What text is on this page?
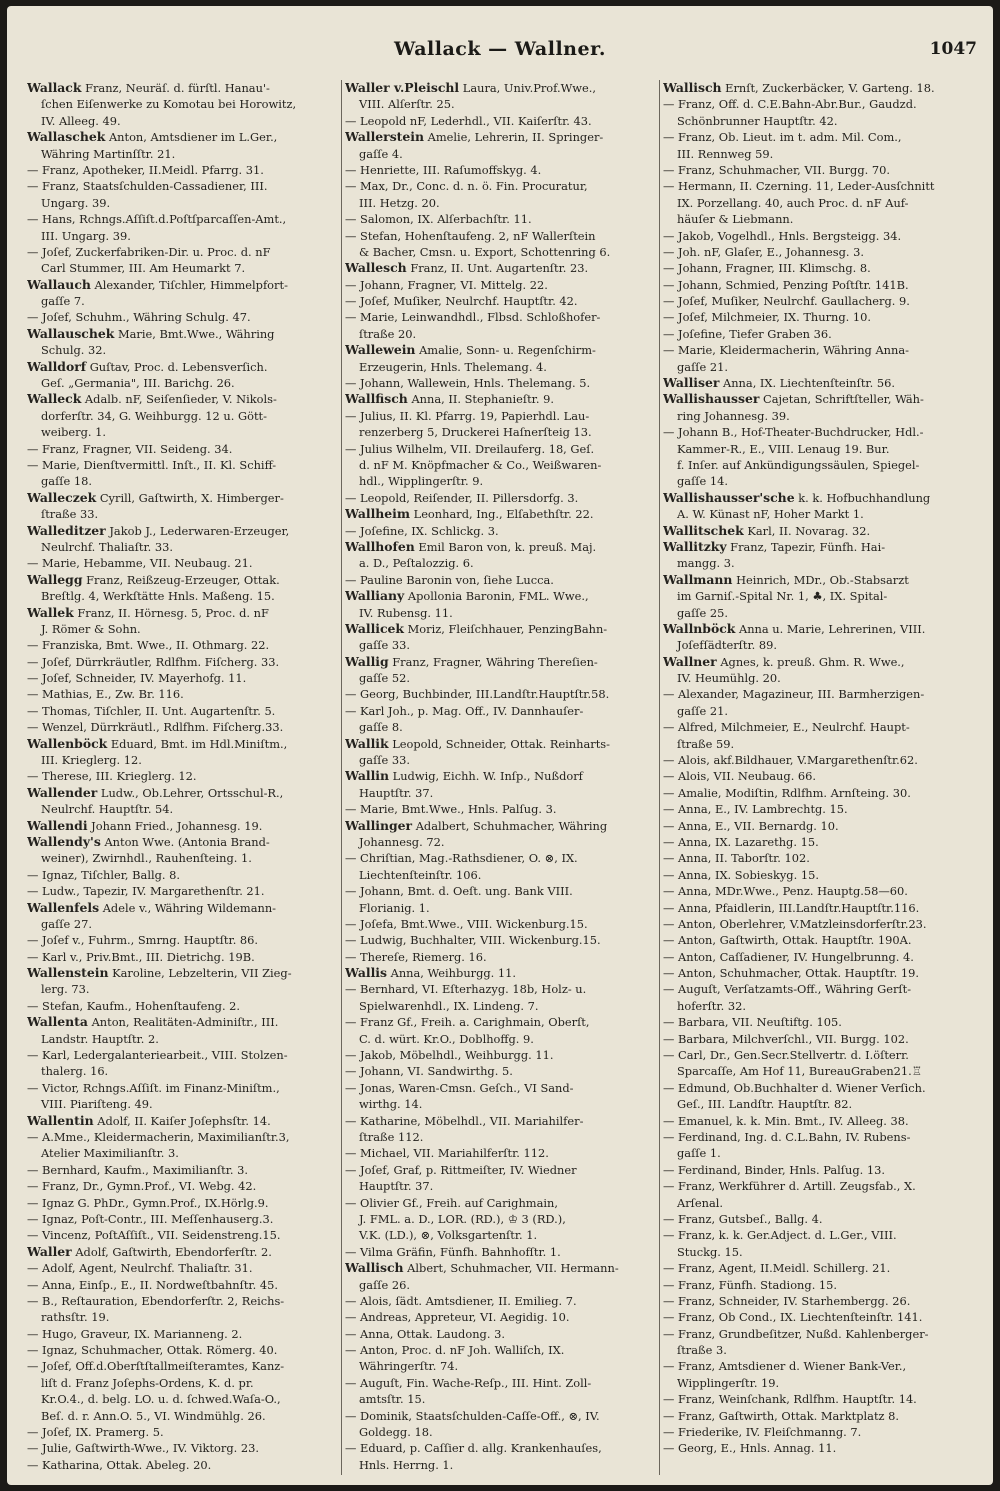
Wallack — Wallner.	1047
Wallack Franz, Neuräſ. d. fürſtl. Hanau'-
ſchen Eiſenwerke zu Komotau bei Horowitz,
IV. Alleeg. 49.
Wallaschek Anton, Amtsdiener im L.Ger.,
Währing Martinſſtr. 21.
— Franz, Apotheker, II.Meidl. Pfarrg. 31.
— Franz, Staatsſchulden-Cassadiener, III.
Ungarg. 39.
— Hans, Rchngs.Aſſiſt.d.Poſtſparcaſſen-Amt.,
III. Ungarg. 39.
— Joſef, Zuckerfabriken-Dir. u. Proc. d. nF
Carl Stummer, III. Am Heumarkt 7.
Wallauch Alexander, Tiſchler, Himmelpfort-
gaſſe 7.
— Joſef, Schuhm., Währing Schulg. 47.
Wallauschek Marie, Bmt.Wwe., Währing
Schulg. 32.
Walldorf Guſtav, Proc. d. Lebensverſich.
Geſ. „Germania", III. Barichg. 26.
Walleck Adalb. nF, Seiſenſieder, V. Nikols-
dorferſtr. 34, G. Weihburgg. 12 u. Gött-
weiberg. 1.
— Franz, Fragner, VII. Seideng. 34.
— Marie, Dienſtvermittl. Inſt., II. Kl. Schiff-
gaſſe 18.
Walleczek Cyrill, Gaſtwirth, X. Himberger-
ſtraße 33.
Walleditzer Jakob J., Lederwaren-Erzeuger,
Neulrchf. Thaliaſtr. 33.
— Marie, Hebamme, VII. Neubaug. 21.
Wallegg Franz, Reißzeug-Erzeuger, Ottak.
Breſtlg. 4, Werkſtätte Hnls. Maßeng. 15.
Wallek Franz, II. Hörnesg. 5, Proc. d. nF
J. Römer & Sohn.
— Franziska, Bmt. Wwe., II. Othmarg. 22.
— Joſef, Dürrkräutler, Rdlfhm. Fiſcherg. 33.
— Joſef, Schneider, IV. Mayerhofg. 11.
— Mathias, E., Zw. Br. 116.
— Thomas, Tiſchler, II. Unt. Augartenſtr. 5.
— Wenzel, Dürrkräutl., Rdlfhm. Fiſcherg.33.
Wallenböck Eduard, Bmt. im Hdl.Miniſtm.,
III. Krieglerg. 12.
— Therese, III. Krieglerg. 12.
Wallender Ludw., Ob.Lehrer, Ortsschul-R.,
Neulrchf. Hauptſtr. 54.
Wallendi Johann Fried., Johannesg. 19.
Wallendy's Anton Wwe. (Antonia Brand-
weiner), Zwirnhdl., Rauhenſteing. 1.
— Ignaz, Tiſchler, Ballg. 8.
— Ludw., Tapezir, IV. Margarethenſtr. 21.
Wallenfels Adele v., Währing Wildemann-
gaſſe 27.
— Joſef v., Fuhrm., Smrng. Hauptſtr. 86.
— Karl v., Priv.Bmt., III. Dietrichg. 19B.
Wallenstein Karoline, Lebzelterin, VII Zieg-
lerg. 73.
— Stefan, Kaufm., Hohenſtaufeng. 2.
Wallenta Anton, Realitäten-Adminiſtr., III.
Landstr. Hauptſtr. 2.
— Karl, Ledergalanteriearbeit., VIII. Stolzen-
thalerg. 16.
— Victor, Rchngs.Aſſiſt. im Finanz-Miniſtm.,
VIII. Piariſteng. 49.
Wallentin Adolf, II. Kaiſer Joſephsſtr. 14.
— A.Mme., Kleidermacherin, Maximilianſtr.3,
Atelier Maximilianſtr. 3.
— Bernhard, Kaufm., Maximilianſtr. 3.
— Franz, Dr., Gymn.Prof., VI. Webg. 42.
— Ignaz G. PhDr., Gymn.Prof., IX.Hörlg.9.
— Ignaz, Poſt-Contr., III. Meſſenhauserg.3.
— Vincenz, PoſtAſſiſt., VII. Seidenstreng.15.
Waller Adolf, Gaſtwirth, Ebendorferſtr. 2.
— Adolf, Agent, Neulrchf. Thaliaſtr. 31.
— Anna, Einſp., E., II. Nordweſtbahnſtr. 45.
— B., Reſtauration, Ebendorferſtr. 2, Reichs-
rathsſtr. 19.
— Hugo, Graveur, IX. Marianneng. 2.
— Ignaz, Schuhmacher, Ottak. Römerg. 40.
— Joſef, Off.d.Oberſtſtallmeiſteramtes, Kanz-
liſt d. Franz Joſephs-Ordens, K. d. pr.
Kr.O.4., d. belg. LO. u. d. ſchwed.Waſa-O.,
Beſ. d. r. Ann.O. 5., VI. Windmühlg. 26.
— Joſef, IX. Pramerg. 5.
— Julie, Gaſtwirth-Wwe., IV. Viktorg. 23.
— Katharina, Ottak. Abeleg. 20.
Waller v.Pleischl Laura, Univ.Prof.Wwe.,
VIII. Alſerſtr. 25.
— Leopold nF, Lederhdl., VII. Kaiſerſtr. 43.
Wallerstein Amelie, Lehrerin, II. Springer-
gaſſe 4.
— Henriette, III. Raſumoffskyg. 4.
— Max, Dr., Conc. d. n. ö. Fin. Procuratur,
III. Hetzg. 20.
— Salomon, IX. Alſerbachſtr. 11.
— Stefan, Hohenſtaufeng. 2, nF Wallerſtein
& Bacher, Cmsn. u. Export, Schottenring 6.
Wallesch Franz, II. Unt. Augartenſtr. 23.
— Johann, Fragner, VI. Mittelg. 22.
— Joſef, Muſiker, Neulrchf. Hauptſtr. 42.
— Marie, Leinwandhdl., Flbsd. Schloßhofer-
ſtraße 20.
Wallewein Amalie, Sonn- u. Regenſchirm-
Erzeugerin, Hnls. Thelemang. 4.
— Johann, Wallewein, Hnls. Thelemang. 5.
Wallfisch Anna, II. Stephanieſtr. 9.
— Julius, II. Kl. Pfarrg. 19, Papierhdl. Lau-
renzerberg 5, Druckerei Haſnerſteig 13.
— Julius Wilhelm, VII. Dreilauferg. 18, Geſ.
d. nF M. Knöpfmacher & Co., Weißwaren-
hdl., Wipplingerſtr. 9.
— Leopold, Reiſender, II. Pillersdorfg. 3.
Wallheim Leonhard, Ing., Elſabethſtr. 22.
— Joſefine, IX. Schlickg. 3.
Wallhofen Emil Baron von, k. preuß. Maj.
a. D., Peſtalozzig. 6.
— Pauline Baronin von, ſiehe Lucca.
Walliany Apollonia Baronin, FML. Wwe.,
IV. Rubensg. 11.
Wallicek Moriz, Fleiſchhauer, PenzingBahn-
gaſſe 33.
Wallig Franz, Fragner, Währing Thereſien-
gaſſe 52.
— Georg, Buchbinder, III.Landſtr.Hauptſtr.58.
— Karl Joh., p. Mag. Off., IV. Dannhauſer-
gaſſe 8.
Wallik Leopold, Schneider, Ottak. Reinharts-
gaſſe 33.
Wallin Ludwig, Eichh. W. Inſp., Nußdorf
Hauptſtr. 37.
— Marie, Bmt.Wwe., Hnls. Palſug. 3.
Wallinger Adalbert, Schuhmacher, Währing
Johannesg. 72.
— Chriſtian, Mag.-Rathsdiener, O. ⊗, IX.
Liechtenſteinſtr. 106.
— Johann, Bmt. d. Oeſt. ung. Bank VIII.
Florianig. 1.
— Joſefa, Bmt.Wwe., VIII. Wickenburg.15.
— Ludwig, Buchhalter, VIII. Wickenburg.15.
— Thereſe, Riemerg. 16.
Wallis Anna, Weihburgg. 11.
— Bernhard, VI. Eſterhazyg. 18b, Holz- u.
Spielwarenhdl., IX. Lindeng. 7.
— Franz Gf., Freih. a. Carighmain, Oberſt,
C. d. würt. Kr.O., Doblhoffg. 9.
— Jakob, Möbelhdl., Weihburgg. 11.
— Johann, VI. Sandwirthg. 5.
— Jonas, Waren-Cmsn. Geſch., VI Sand-
wirthg. 14.
— Katharine, Möbelhdl., VII. Mariahilfer-
ſtraße 112.
— Michael, VII. Mariahilferſtr. 112.
— Joſef, Graf, p. Rittmeiſter, IV. Wiedner
Hauptſtr. 37.
— Olivier Gf., Freih. auf Carighmain,
J. FML. a. D., LOR. (RD.), ♔ 3 (RD.),
V.K. (LD.), ⊗, Volksgartenſtr. 1.
— Vilma Gräfin, Fünfh. Bahnhofſtr. 1.
Wallisch Albert, Schuhmacher, VII. Hermann-
gaſſe 26.
— Alois, ſädt. Amtsdiener, II. Emilieg. 7.
— Andreas, Appreteur, VI. Aegidig. 10.
— Anna, Ottak. Laudong. 3.
— Anton, Proc. d. nF Joh. Walliſch, IX.
Währingerſtr. 74.
— Auguſt, Fin. Wache-Reſp., III. Hint. Zoll-
amtsſtr. 15.
— Dominik, Staatsſchulden-Caſſe-Off., ⊗, IV.
Goldegg. 18.
— Eduard, p. Caſſier d. allg. Krankenhauſes,
Hnls. Herrng. 1.
Wallisch Ernſt, Zuckerbäcker, V. Garteng. 18.
— Franz, Off. d. C.E.Bahn-Abr.Bur., Gaudzd.
Schönbrunner Hauptſtr. 42.
— Franz, Ob. Lieut. im t. adm. Mil. Com.,
III. Rennweg 59.
— Franz, Schuhmacher, VII. Burgg. 70.
— Hermann, II. Czerning. 11, Leder-Ausſchnitt
IX. Porzellang. 40, auch Proc. d. nF Auf-
häuſer & Liebmann.
— Jakob, Vogelhdl., Hnls. Bergsteigg. 34.
— Joh. nF, Glaſer, E., Johannesg. 3.
— Johann, Fragner, III. Klimschg. 8.
— Johann, Schmied, Penzing Poſtſtr. 141B.
— Joſef, Muſiker, Neulrchf. Gaullacherg. 9.
— Joſef, Milchmeier, IX. Thurng. 10.
— Joſefine, Tiefer Graben 36.
— Marie, Kleidermacherin, Währing Anna-
gaſſe 21.
Walliser Anna, IX. Liechtenſteinſtr. 56.
Wallishausser Cajetan, Schriftſteller, Wäh-
ring Johannesg. 39.
— Johann B., Hof-Theater-Buchdrucker, Hdl.-
Kammer-R., E., VIII. Lenaug 19. Bur.
f. Inſer. auf Ankündigungssäulen, Spiegel-
gaſſe 14.
Wallishausser'sche k. k. Hofbuchhandlung
A. W. Künast nF, Hoher Markt 1.
Wallitschek Karl, II. Novarag. 32.
Wallitzky Franz, Tapezir, Fünfh. Hai-
mangg. 3.
Wallmann Heinrich, MDr., Ob.-Stabsarzt
im Garniſ.-Spital Nr. 1, ♣, IX. Spital-
gaſſe 25.
Wallnböck Anna u. Marie, Lehrerinen, VIII.
Joſefſädterſtr. 89.
Wallner Agnes, k. preuß. Ghm. R. Wwe.,
IV. Heumühlg. 20.
— Alexander, Magazineur, III. Barmherzigen-
gaſſe 21.
— Alfred, Milchmeier, E., Neulrchf. Haupt-
ſtraße 59.
— Alois, akf.Bildhauer, V.Margarethenſtr.62.
— Alois, VII. Neubaug. 66.
— Amalie, Modiſtin, Rdlfhm. Arnſteing. 30.
— Anna, E., IV. Lambrechtg. 15.
— Anna, E., VII. Bernardg. 10.
— Anna, IX. Lazarethg. 15.
— Anna, II. Taborſtr. 102.
— Anna, IX. Sobieskyg. 15.
— Anna, MDr.Wwe., Penz. Hauptg.58—60.
— Anna, Pfaidlerin, III.Landſtr.Hauptſtr.116.
— Anton, Oberlehrer, V.Matzleinsdorferſtr.23.
— Anton, Gaſtwirth, Ottak. Hauptſtr. 190A.
— Anton, Caſſadiener, IV. Hungelbrunng. 4.
— Anton, Schuhmacher, Ottak. Hauptſtr. 19.
— Auguſt, Verſatzamts-Off., Währing Gerſt-
hoferſtr. 32.
— Barbara, VII. Neuſtiftg. 105.
— Barbara, Milchverſchl., VII. Burgg. 102.
— Carl, Dr., Gen.Secr.Stellvertr. d. I.öſterr.
Sparcaſſe, Am Hof 11, BureauGraben21.♖
— Edmund, Ob.Buchhalter d. Wiener Verſich.
Geſ., III. Landſtr. Hauptſtr. 82.
— Emanuel, k. k. Min. Bmt., IV. Alleeg. 38.
— Ferdinand, Ing. d. C.L.Bahn, IV. Rubens-
gaſſe 1.
— Ferdinand, Binder, Hnls. Palſug. 13.
— Franz, Werkführer d. Artill. Zeugsfab., X.
Arſenal.
— Franz, Gutsbeſ., Ballg. 4.
— Franz, k. k. Ger.Adject. d. L.Ger., VIII.
Stuckg. 15.
— Franz, Agent, II.Meidl. Schillerg. 21.
— Franz, Fünfh. Stadiong. 15.
— Franz, Schneider, IV. Starhembergg. 26.
— Franz, Ob Cond., IX. Liechtenſteinſtr. 141.
— Franz, Grundbeſitzer, Nußd. Kahlenberger-
ſtraße 3.
— Franz, Amtsdiener d. Wiener Bank-Ver.,
Wipplingerſtr. 19.
— Franz, Weinſchank, Rdlfhm. Hauptſtr. 14.
— Franz, Gaſtwirth, Ottak. Marktplatz 8.
— Friederike, IV. Fleiſchmanng. 7.
— Georg, E., Hnls. Annag. 11.
